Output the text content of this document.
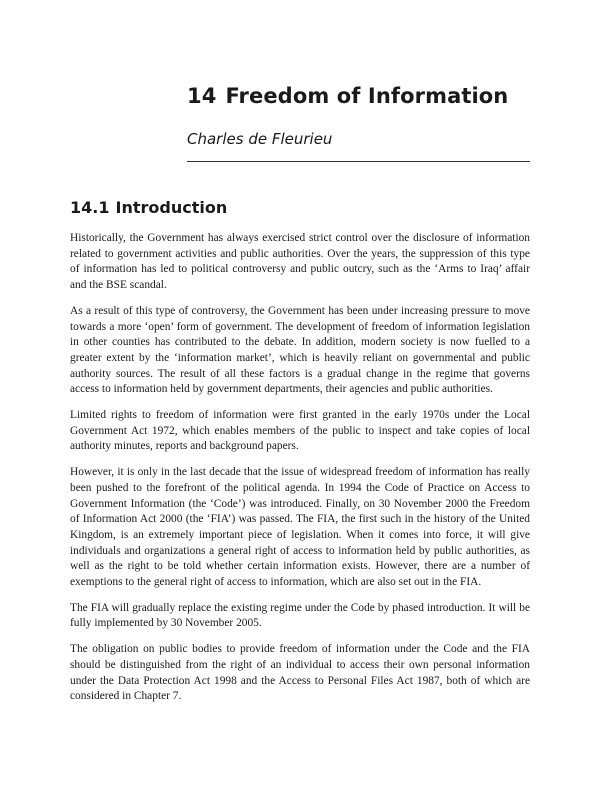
14 Freedom of Information
Charles de Fleurieu
14.1 Introduction

Historically, the Government has always exercised strict control over the disclosure of information related to government activities and public authorities. Over the years, the suppression of this type of information has led to political controversy and public outcry, such as the ‘Arms to Iraq’ affair and the BSE scandal.

As a result of this type of controversy, the Government has been under increasing pressure to move towards a more ‘open’ form of government. The development of freedom of information legislation in other counties has contributed to the debate. In addition, modern society is now fuelled to a greater extent by the ‘information market’, which is heavily reliant on governmental and public authority sources. The result of all these factors is a gradual change in the regime that governs access to information held by government departments, their agencies and public authorities.

Limited rights to freedom of information were first granted in the early 1970s under the Local Government Act 1972, which enables members of the public to inspect and take copies of local authority minutes, reports and background papers.

However, it is only in the last decade that the issue of widespread freedom of information has really been pushed to the forefront of the political agenda. In 1994 the Code of Practice on Access to Government Information (the ‘Code’) was introduced. Finally, on 30 November 2000 the Freedom of Information Act 2000 (the ‘FIA’) was passed. The FIA, the first such in the history of the United Kingdom, is an extremely important piece of legislation. When it comes into force, it will give individuals and organizations a general right of access to information held by public authorities, as well as the right to be told whether certain information exists. However, there are a number of exemptions to the general right of access to information, which are also set out in the FIA.

The FIA will gradually replace the existing regime under the Code by phased introduction. It will be fully implemented by 30 November 2005.

The obligation on public bodies to provide freedom of information under the Code and the FIA should be distinguished from the right of an individual to access their own personal information under the Data Protection Act 1998 and the Access to Personal Files Act 1987, both of which are considered in Chapter 7.
